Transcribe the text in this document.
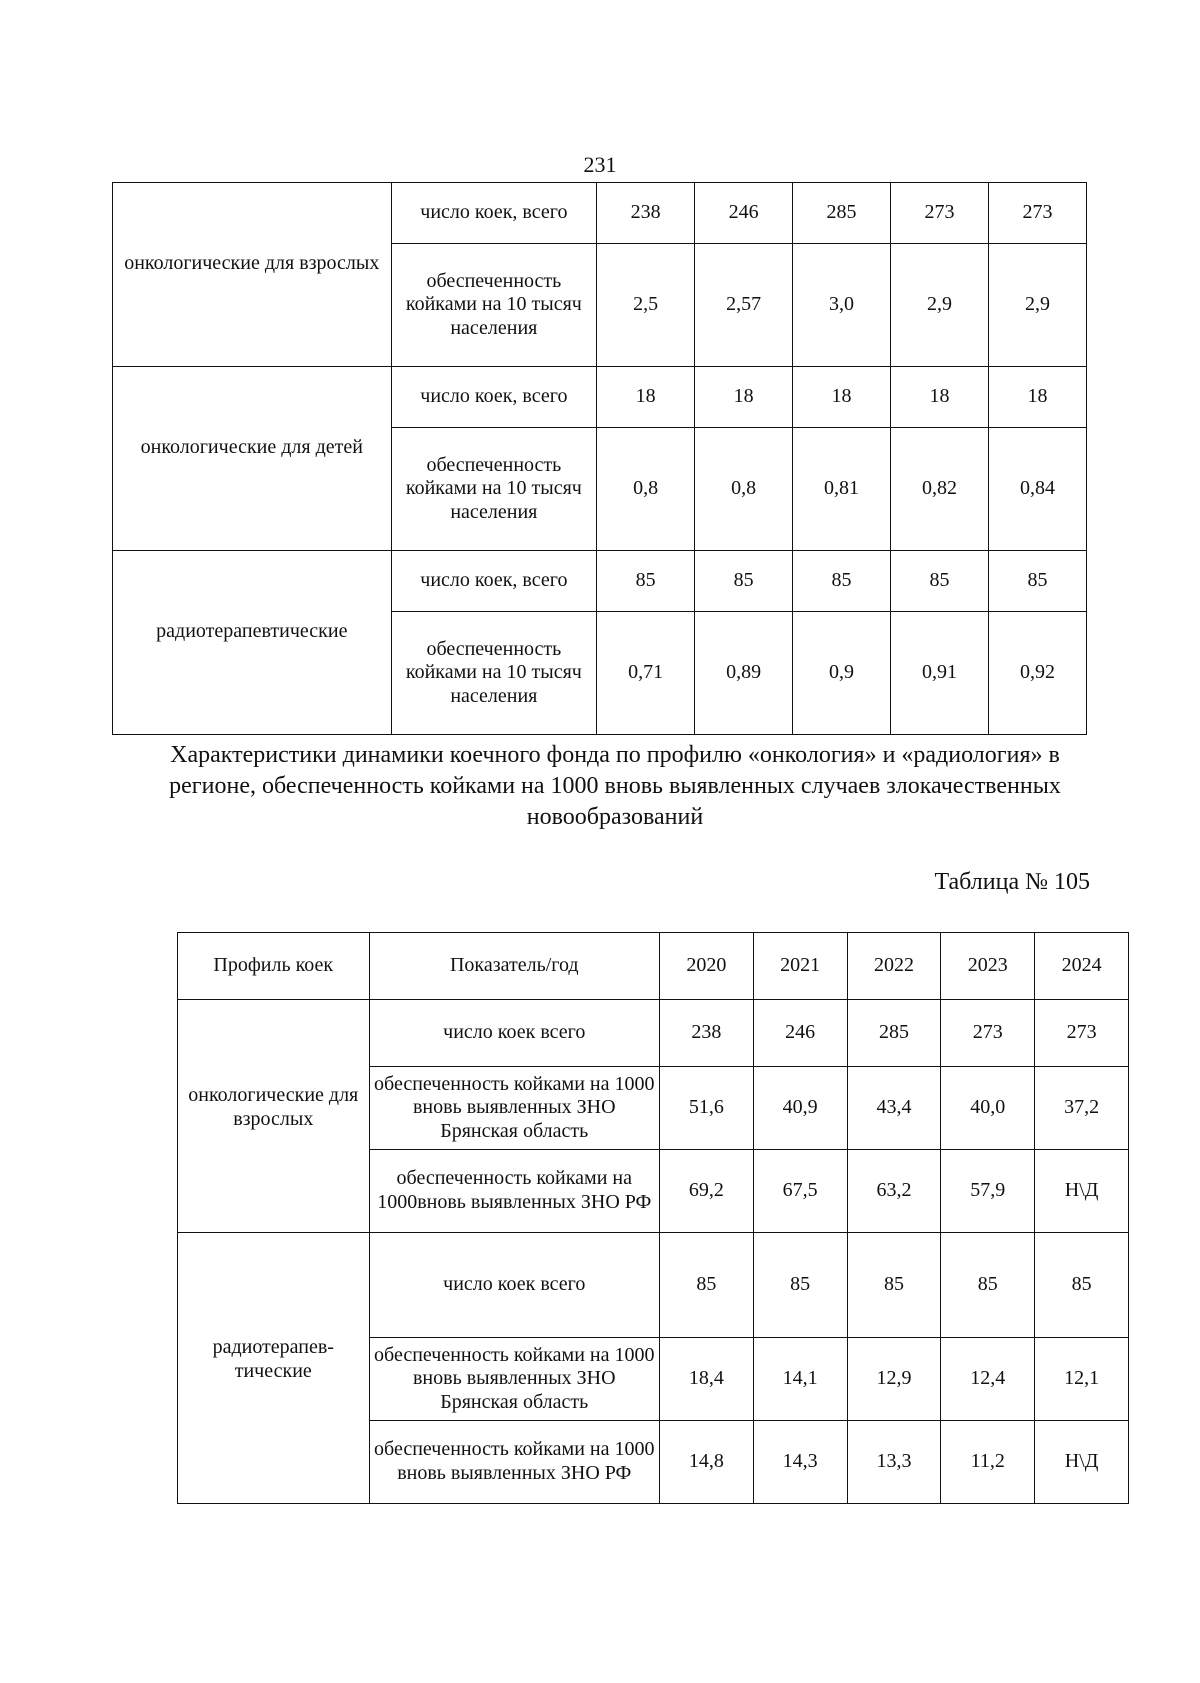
231
онкологические для взрослых	число коек, всего	238	246	285	273	273
	обеспеченность койками на 10 тысяч населения	2,5	2,57	3,0	2,9	2,9
онкологические для детей	число коек, всего	18	18	18	18	18
	обеспеченность койками на 10 тысяч населения	0,8	0,8	0,81	0,82	0,84
радиотерапевтические	число коек, всего	85	85	85	85	85
	обеспеченность койками на 10 тысяч населения	0,71	0,89	0,9	0,91	0,92
Характеристики динамики коечного фонда по профилю «онкология» и «радиология» в регионе, обеспеченность койками на 1000 вновь выявленных случаев злокачественных новообразований
Таблица № 105
Профиль коек	Показатель/год	2020	2021	2022	2023	2024
онкологические для взрослых	число коек всего	238	246	285	273	273
	обеспеченность койками на 1000 вновь выявленных ЗНО Брянская область	51,6	40,9	43,4	40,0	37,2
	обеспеченность койками на 1000вновь выявленных ЗНО РФ	69,2	67,5	63,2	57,9	Н\Д
радиотерапев-тические	число коек всего	85	85	85	85	85
	обеспеченность койками на 1000 вновь выявленных ЗНО Брянская область	18,4	14,1	12,9	12,4	12,1
	обеспеченность койками на 1000 вновь выявленных ЗНО РФ	14,8	14,3	13,3	11,2	Н\Д
